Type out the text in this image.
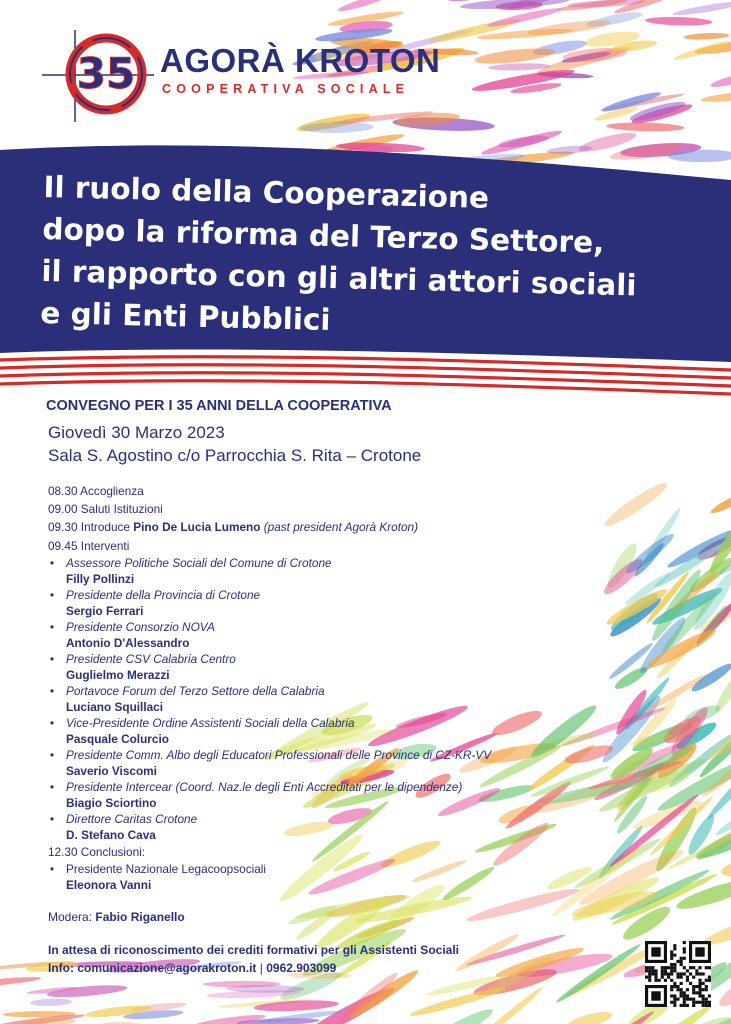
35 AGORÀ KROTON
COOPERATIVA SOCIALE
Il ruolo della Cooperazione
dopo la riforma del Terzo Settore,
il rapporto con gli altri attori sociali
e gli Enti Pubblici
CONVEGNO PER I 35 ANNI DELLA COOPERATIVA
Giovedì 30 Marzo 2023
Sala S. Agostino c/o Parrocchia S. Rita – Crotone
08.30 Accoglienza
09.00 Saluti Istituzioni
09.30 Introduce Pino De Lucia Lumeno (past president Agorà Kroton)
09.45 Interventi
• Assessore Politiche Sociali del Comune di Crotone
Filly Pollinzi
• Presidente della Provincia di Crotone
Sergio Ferrari
• Presidente Consorzio NOVA
Antonio D'Alessandro
• Presidente CSV Calabria Centro
Guglielmo Merazzi
• Portavoce Forum del Terzo Settore della Calabria
Luciano Squillaci
• Vice-Presidente Ordine Assistenti Sociali della Calabria
Pasquale Colurcio
• Presidente Comm. Albo degli Educatori Professionali delle Province di CZ-KR-VV
Saverio Viscomi
• Presidente Intercear (Coord. Naz.le degli Enti Accreditati per le dipendenze)
Biagio Sciortino
• Direttore Caritas Crotone
D. Stefano Cava
12.30 Conclusioni:
• Presidente Nazionale Legacoopsociali
Eleonora Vanni
Modera: Fabio Riganello
In attesa di riconoscimento dei crediti formativi per gli Assistenti Sociali
Info: comunicazione@agorakroton.it | 0962.903099
